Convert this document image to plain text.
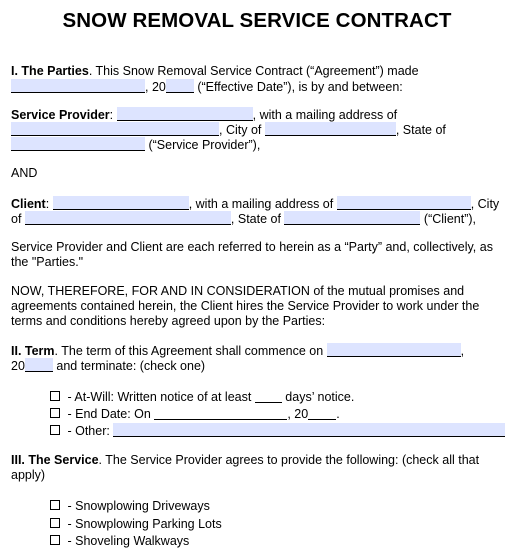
SNOW REMOVAL SERVICE CONTRACT
I. The Parties. This Snow Removal Service Contract (“Agreement”) made
, 20 (“Effective Date”), is by and between:
Service Provider:	, with a mailing address of
, City of	, State of
(“Service Provider”),
AND
Client:	, with a mailing address of	, City
of	, State of	(“Client”),
Service Provider and Client are each referred to herein as a “Party” and, collectively, as
the "Parties."
NOW, THEREFORE, FOR AND IN CONSIDERATION of the mutual promises and
agreements contained herein, the Client hires the Service Provider to work under the
terms and conditions hereby agreed upon by the Parties:
II. Term. The term of this Agreement shall commence on	,
20 and terminate: (check one)
- At-Will: Written notice of at least  days’ notice.
- End Date: On	, 20 .
- Other:
III. The Service. The Service Provider agrees to provide the following: (check all that
apply)
- Snowplowing Driveways
- Snowplowing Parking Lots
- Shoveling Walkways
